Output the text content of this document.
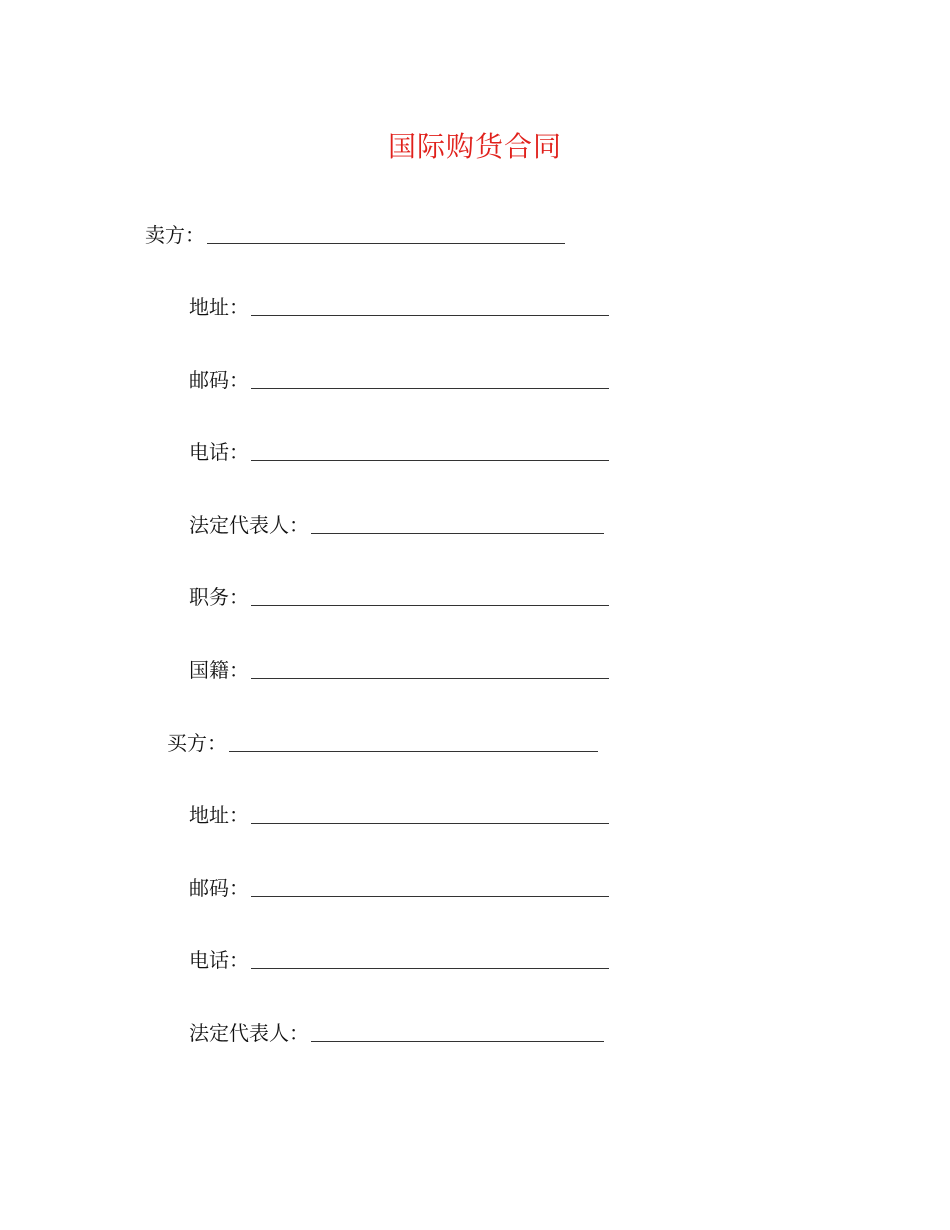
国际购货合同
卖方：
地址：
邮码：
电话：
法定代表人：
职务：
国籍：
买方：
地址：
邮码：
电话：
法定代表人：
